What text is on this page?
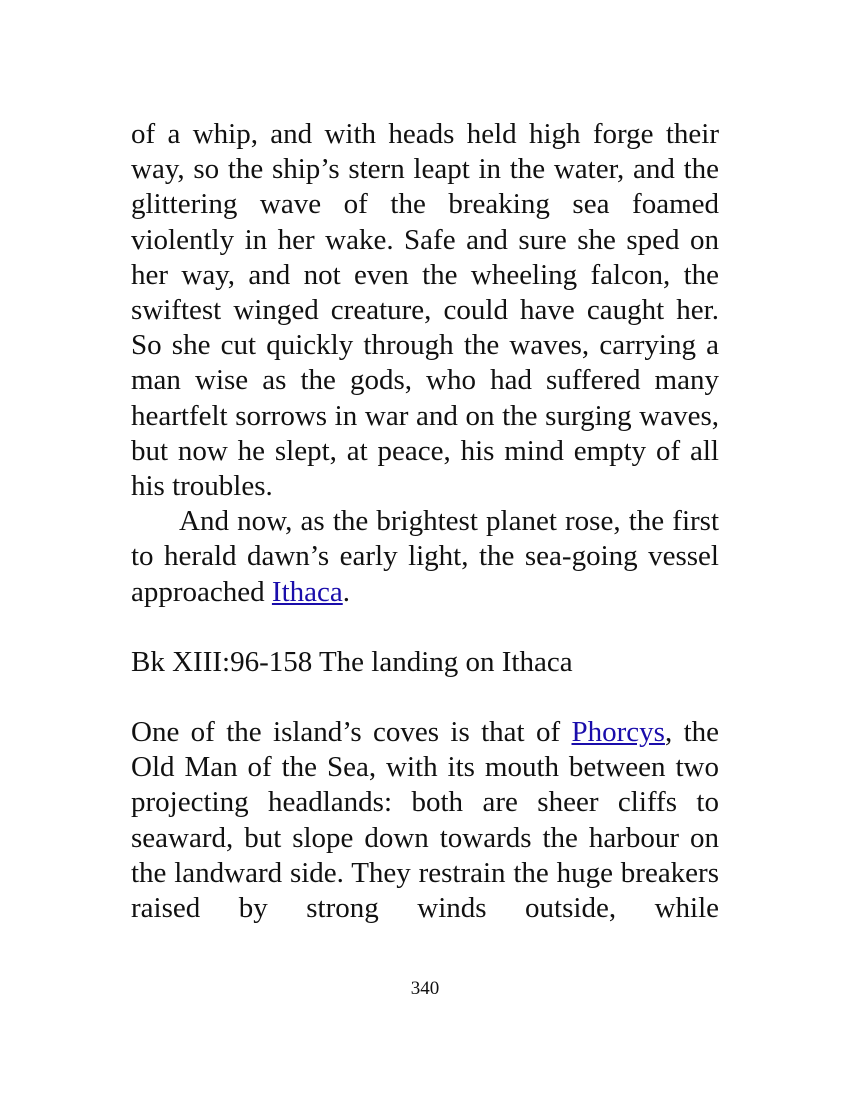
of a whip, and with heads held high forge their way, so the ship’s stern leapt in the water, and the glittering wave of the breaking sea foamed violently in her wake. Safe and sure she sped on her way, and not even the wheeling falcon, the swiftest winged creature, could have caught her. So she cut quickly through the waves, carrying a man wise as the gods, who had suffered many heartfelt sorrows in war and on the surging waves, but now he slept, at peace, his mind empty of all his troubles.

And now, as the brightest planet rose, the first to herald dawn’s early light, the sea-going vessel approached Ithaca.

Bk XIII:96-158 The landing on Ithaca

One of the island’s coves is that of Phorcys, the Old Man of the Sea, with its mouth between two projecting headlands: both are sheer cliffs to seaward, but slope down towards the harbour on the landward side. They restrain the huge breakers raised by strong winds outside, while

340
